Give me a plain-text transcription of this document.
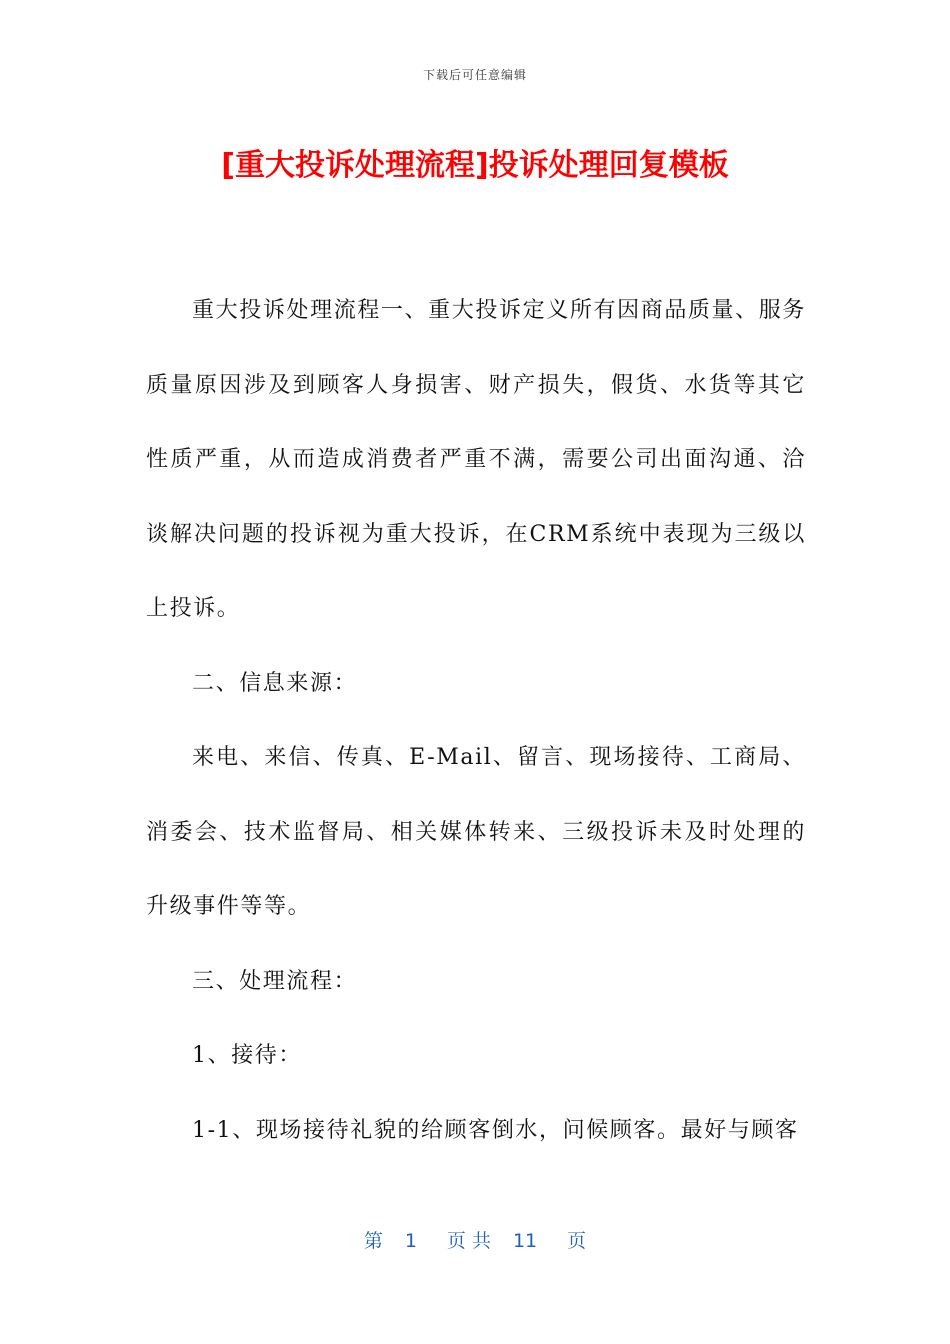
下载后可任意编辑
[重大投诉处理流程]投诉处理回复模板

重大投诉处理流程一、重大投诉定义所有因商品质量、服务质量原因涉及到顾客人身损害、财产损失，假货、水货等其它性质严重，从而造成消费者严重不满，需要公司出面沟通、洽谈解决问题的投诉视为重大投诉，在CRM系统中表现为三级以上投诉。

二、信息来源：

来电、来信、传真、E-Mail、留言、现场接待、工商局、消委会、技术监督局、相关媒体转来、三级投诉未及时处理的升级事件等等。

三、处理流程：

1、接待：

1-1、现场接待礼貌的给顾客倒水，问候顾客。最好与顾客

第 1 页 共 11 页
